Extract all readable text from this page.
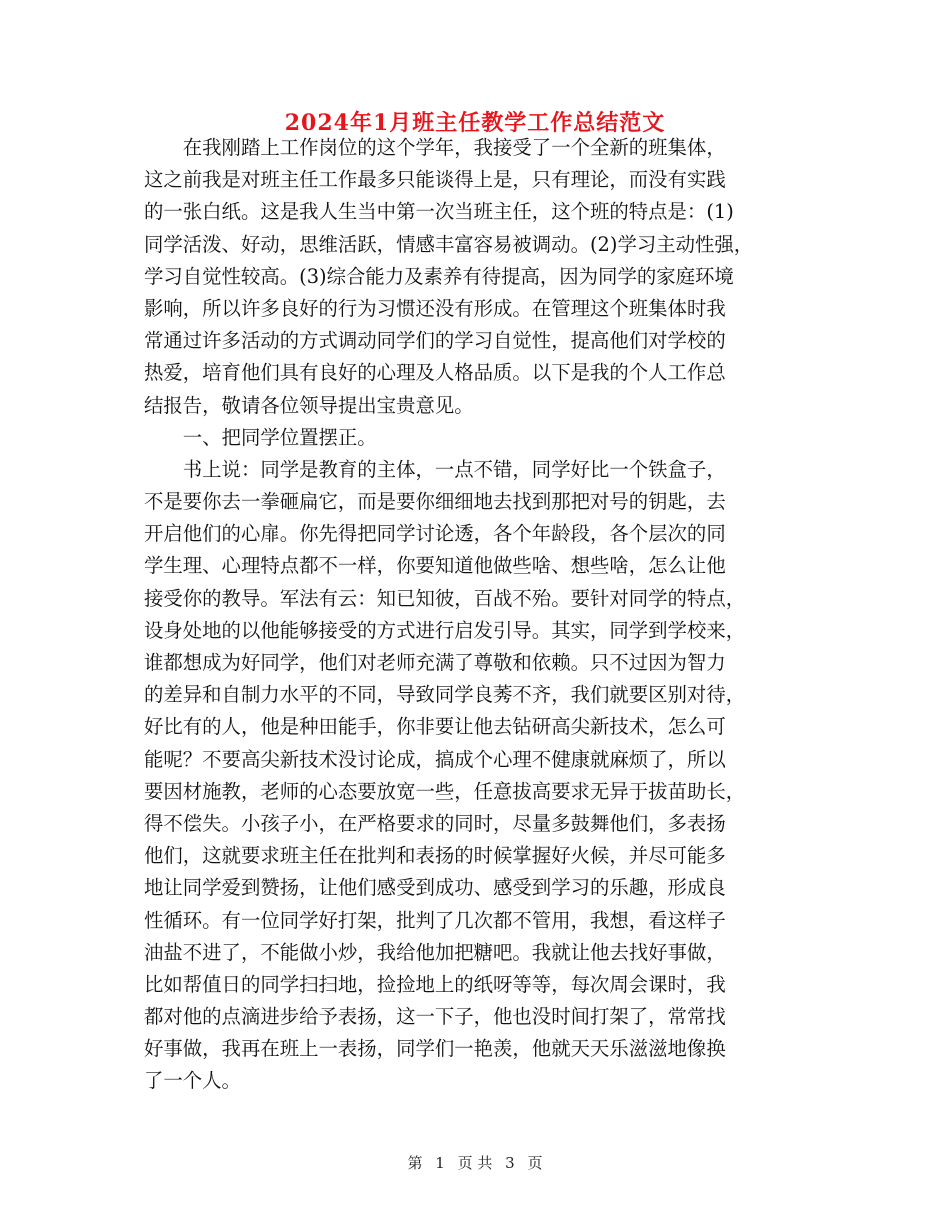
2024年1月班主任教学工作总结范文
　　在我刚踏上工作岗位的这个学年，我接受了一个全新的班集体，
这之前我是对班主任工作最多只能谈得上是，只有理论，而没有实践
的一张白纸。这是我人生当中第一次当班主任，这个班的特点是：(1)
同学活泼、好动，思维活跃，情感丰富容易被调动。(2)学习主动性强，
学习自觉性较高。(3)综合能力及素养有待提高，因为同学的家庭环境
影响，所以许多良好的行为习惯还没有形成。在管理这个班集体时我
常通过许多活动的方式调动同学们的学习自觉性，提高他们对学校的
热爱，培育他们具有良好的心理及人格品质。以下是我的个人工作总
结报告，敬请各位领导提出宝贵意见。
　　一、把同学位置摆正。
　　书上说：同学是教育的主体，一点不错，同学好比一个铁盒子，
不是要你去一拳砸扁它，而是要你细细地去找到那把对号的钥匙，去
开启他们的心扉。你先得把同学讨论透，各个年龄段，各个层次的同
学生理、心理特点都不一样，你要知道他做些啥、想些啥，怎么让他
接受你的教导。军法有云：知已知彼，百战不殆。要针对同学的特点，
设身处地的以他能够接受的方式进行启发引导。其实，同学到学校来，
谁都想成为好同学，他们对老师充满了尊敬和依赖。只不过因为智力
的差异和自制力水平的不同，导致同学良莠不齐，我们就要区别对待，
好比有的人，他是种田能手，你非要让他去钻研高尖新技术，怎么可
能呢？不要高尖新技术没讨论成，搞成个心理不健康就麻烦了，所以
要因材施教，老师的心态要放宽一些，任意拔高要求无异于拔苗助长，
得不偿失。小孩子小，在严格要求的同时，尽量多鼓舞他们，多表扬
他们，这就要求班主任在批判和表扬的时候掌握好火候，并尽可能多
地让同学爱到赞扬，让他们感受到成功、感受到学习的乐趣，形成良
性循环。有一位同学好打架，批判了几次都不管用，我想，看这样子
油盐不进了，不能做小炒，我给他加把糖吧。我就让他去找好事做，
比如帮值日的同学扫扫地，捡捡地上的纸呀等等，每次周会课时，我
都对他的点滴进步给予表扬，这一下子，他也没时间打架了，常常找
好事做，我再在班上一表扬，同学们一艳羡，他就天天乐滋滋地像换
了一个人。
第 1 页 共 3 页
